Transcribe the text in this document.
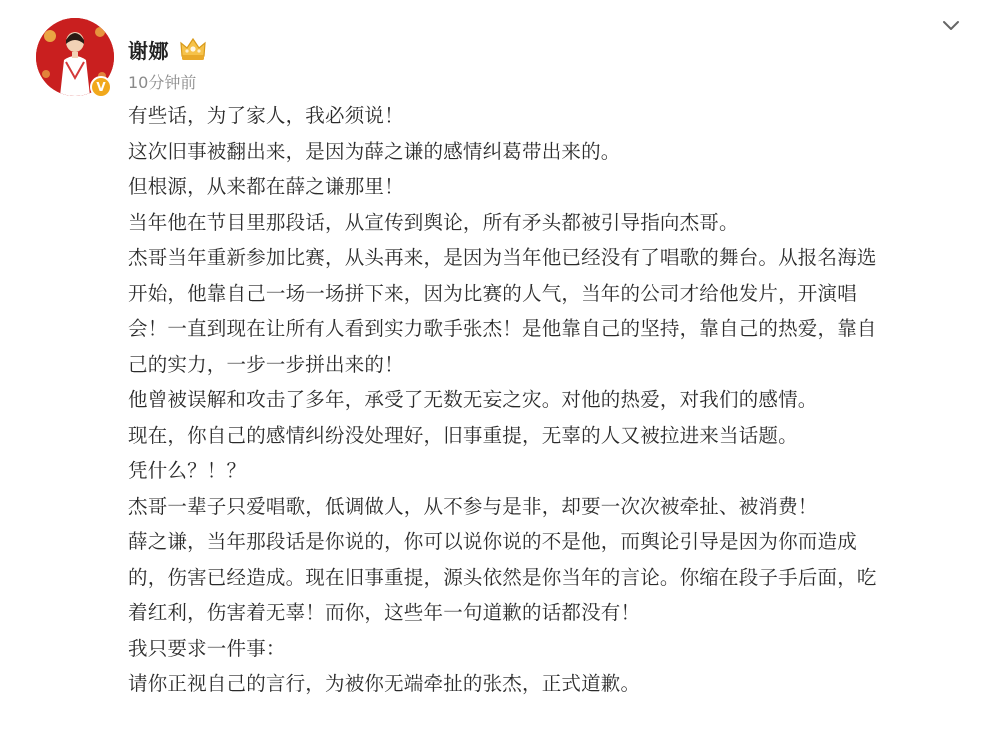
V
谢娜
10分钟前

有些话，为了家人，我必须说！

这次旧事被翻出来，是因为薛之谦的感情纠葛带出来的。

但根源，从来都在薛之谦那里！

当年他在节目里那段话，从宣传到舆论，所有矛头都被引导指向杰哥。

杰哥当年重新参加比赛，从头再来，是因为当年他已经没有了唱歌的舞台。从报名海选

开始，他靠自己一场一场拼下来，因为比赛的人气，当年的公司才给他发片，开演唱

会！一直到现在让所有人看到实力歌手张杰！是他靠自己的坚持，靠自己的热爱，靠自

己的实力，一步一步拼出来的！

他曾被误解和攻击了多年，承受了无数无妄之灾。对他的热爱，对我们的感情。

现在，你自己的感情纠纷没处理好，旧事重提，无辜的人又被拉进来当话题。

凭什么？！？

杰哥一辈子只爱唱歌，低调做人，从不参与是非，却要一次次被牵扯、被消费！

薛之谦，当年那段话是你说的，你可以说你说的不是他，而舆论引导是因为你而造成

的，伤害已经造成。现在旧事重提，源头依然是你当年的言论。你缩在段子手后面，吃

着红利，伤害着无辜！而你，这些年一句道歉的话都没有！

我只要求一件事：

请你正视自己的言行，为被你无端牵扯的张杰，正式道歉。
